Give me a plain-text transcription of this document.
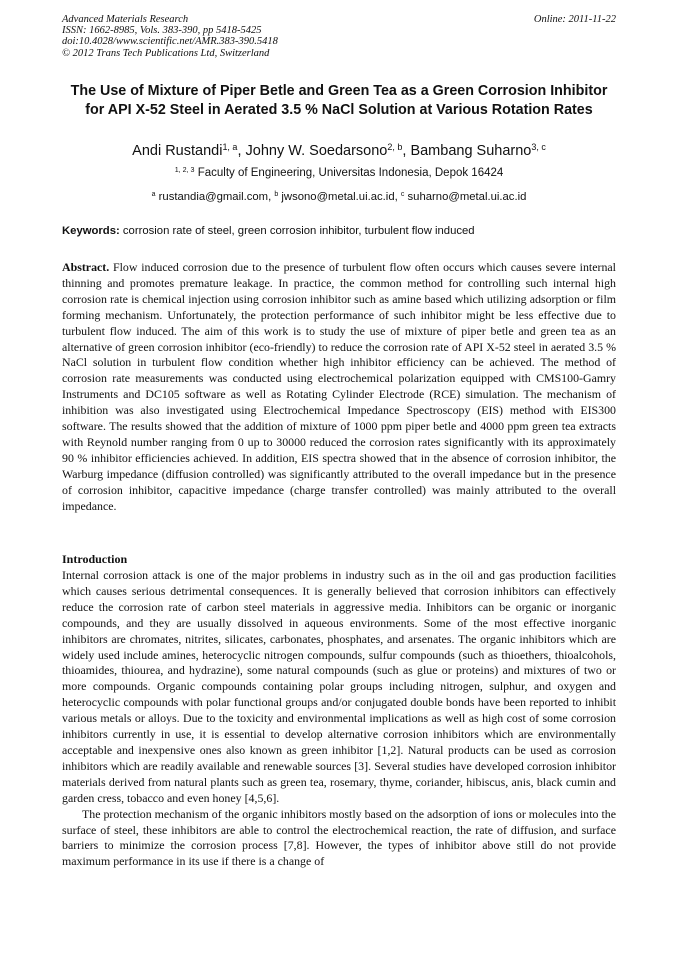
Advanced Materials Research
ISSN: 1662-8985, Vols. 383-390, pp 5418-5425
doi:10.4028/www.scientific.net/AMR.383-390.5418
© 2012 Trans Tech Publications Ltd, Switzerland
Online: 2011-11-22
The Use of Mixture of Piper Betle and Green Tea as a Green Corrosion Inhibitor for API X-52 Steel in Aerated 3.5 % NaCl Solution at Various Rotation Rates
Andi Rustandi$^{1, a}$, Johny W. Soedarsono$^{2, b}$, Bambang Suharno$^{3, c}$
$^{1, 2, 3}$ Faculty of Engineering, Universitas Indonesia, Depok 16424
$^a$ rustandia@gmail.com, $^b$ jwsono@metal.ui.ac.id, $^c$ suharno@metal.ui.ac.id
Keywords: corrosion rate of steel, green corrosion inhibitor, turbulent flow induced
Abstract. Flow induced corrosion due to the presence of turbulent flow often occurs which causes severe internal thinning and promotes premature leakage. In practice, the common method for controlling such internal high corrosion rate is chemical injection using corrosion inhibitor such as amine based which utilizing adsorption or film forming mechanism. Unfortunately, the protection performance of such inhibitor might be less effective due to turbulent flow induced. The aim of this work is to study the use of mixture of piper betle and green tea as an alternative of green corrosion inhibitor (eco-friendly) to reduce the corrosion rate of API X-52 steel in aerated 3.5 % NaCl solution in turbulent flow condition whether high inhibitor efficiency can be achieved. The method of corrosion rate measurements was conducted using electrochemical polarization equipped with CMS100-Gamry Instruments and DC105 software as well as Rotating Cylinder Electrode (RCE) simulation. The mechanism of inhibition was also investigated using Electrochemical Impedance Spectroscopy (EIS) method with EIS300 software. The results showed that the addition of mixture of 1000 ppm piper betle and 4000 ppm green tea extracts with Reynold number ranging from 0 up to 30000 reduced the corrosion rates significantly with its approximately 90 % inhibitor efficiencies achieved. In addition, EIS spectra showed that in the absence of corrosion inhibitor, the Warburg impedance (diffusion controlled) was significantly attributed to the overall impedance but in the presence of corrosion inhibitor, capacitive impedance (charge transfer controlled) was mainly attributed to the overall impedance.
Introduction

Internal corrosion attack is one of the major problems in industry such as in the oil and gas production facilities which causes serious detrimental consequences. It is generally believed that corrosion inhibitors can effectively reduce the corrosion rate of carbon steel materials in aggressive media. Inhibitors can be organic or inorganic compounds, and they are usually dissolved in aqueous environments. Some of the most effective inorganic inhibitors are chromates, nitrites, silicates, carbonates, phosphates, and arsenates. The organic inhibitors which are widely used include amines, heterocyclic nitrogen compounds, sulfur compounds (such as thioethers, thioalcohols, thioamides, thiourea, and hydrazine), some natural compounds (such as glue or proteins) and mixtures of two or more compounds. Organic compounds containing polar groups including nitrogen, sulphur, and oxygen and heterocyclic compounds with polar functional groups and/or conjugated double bonds have been reported to inhibit various metals or alloys. Due to the toxicity and environmental implications as well as high cost of some corrosion inhibitors currently in use, it is essential to develop alternative corrosion inhibitors which are environmentally acceptable and inexpensive ones also known as green inhibitor [1,2]. Natural products can be used as corrosion inhibitors which are readily available and renewable sources [3]. Several studies have developed corrosion inhibitor materials derived from natural plants such as green tea, rosemary, thyme, coriander, hibiscus, anis, black cumin and garden cress, tobacco and even honey [4,5,6].

The protection mechanism of the organic inhibitors mostly based on the adsorption of ions or molecules into the surface of steel, these inhibitors are able to control the electrochemical reaction, the rate of diffusion, and surface barriers to minimize the corrosion process [7,8]. However, the types of inhibitor above still do not provide maximum performance in its use if there is a change of
